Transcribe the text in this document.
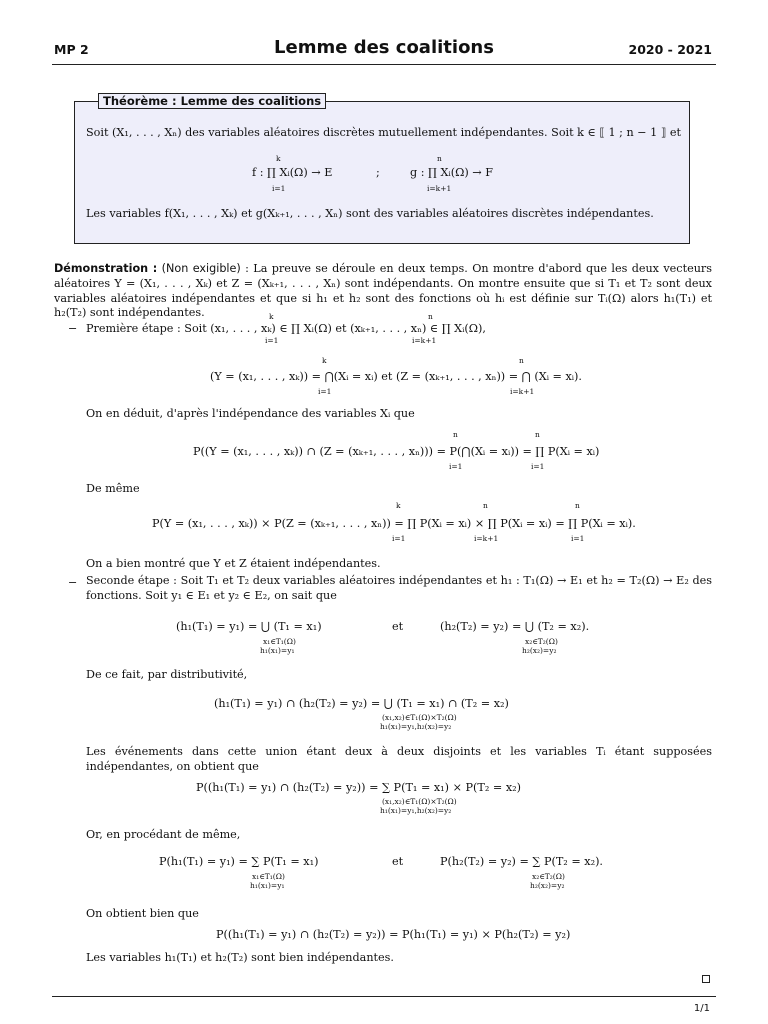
MP 2	Lemme des coalitions	2020 - 2021
Théorème : Lemme des coalitions
Soit (X₁, . . . , Xₙ) des variables aléatoires discrètes mutuellement indépendantes. Soit k ∈ ⟦ 1 ; n − 1 ⟧ et
k
f : ∏ Xᵢ(Ω) → E
i=1
;
n
g : ∏ Xᵢ(Ω) → F
i=k+1
Les variables f(X₁, . . . , Xₖ) et g(Xₖ₊₁, . . . , Xₙ) sont des variables aléatoires discrètes indépendantes.
Démonstration : (Non exigible) : La preuve se déroule en deux temps. On montre d'abord que les deux vecteurs aléatoires Y = (X₁, . . . , Xₖ) et Z = (Xₖ₊₁, . . . , Xₙ) sont indépendants. On montre ensuite que si T₁ et T₂ sont deux variables aléatoires indépendantes et que si h₁ et h₂ sont des fonctions où hᵢ est définie sur Tᵢ(Ω) alors h₁(T₁) et h₂(T₂) sont indépendantes.
−
k	n
Première étape : Soit (x₁, . . . , xₖ) ∈ ∏ Xᵢ(Ω) et (xₖ₊₁, . . . , xₙ) ∈ ∏ Xᵢ(Ω),
i=1	i=k+1
k	n
(Y = (x₁, . . . , xₖ)) = ⋂(Xᵢ = xᵢ) et (Z = (xₖ₊₁, . . . , xₙ)) = ⋂ (Xᵢ = xᵢ).
i=1	i=k+1
On en déduit, d'après l'indépendance des variables Xᵢ que
n	n
P((Y = (x₁, . . . , xₖ)) ∩ (Z = (xₖ₊₁, . . . , xₙ))) = P(⋂(Xᵢ = xᵢ)) = ∏ P(Xᵢ = xᵢ)
i=1	i=1
De même
k	n	n
P(Y = (x₁, . . . , xₖ)) × P(Z = (xₖ₊₁, . . . , xₙ)) = ∏ P(Xᵢ = xᵢ) × ∏ P(Xᵢ = xᵢ) = ∏ P(Xᵢ = xᵢ).
i=1	i=k+1	i=1
On a bien montré que Y et Z étaient indépendantes.
− Seconde étape : Soit T₁ et T₂ deux variables aléatoires indépendantes et h₁ : T₁(Ω) → E₁ et h₂ = T₂(Ω) → E₂ des fonctions. Soit y₁ ∈ E₁ et y₂ ∈ E₂, on sait que
(h₁(T₁) = y₁) = ⋃ (T₁ = x₁)	et	(h₂(T₂) = y₂) = ⋃ (T₂ = x₂).
x₁∈T₁(Ω)
h₁(x₁)=y₁
x₂∈T₂(Ω)
h₂(x₂)=y₂
De ce fait, par distributivité,
(h₁(T₁) = y₁) ∩ (h₂(T₂) = y₂) = ⋃ (T₁ = x₁) ∩ (T₂ = x₂)
(x₁,x₂)∈T₁(Ω)×T₂(Ω)
h₁(x₁)=y₁,h₂(x₂)=y₂
Les événements dans cette union étant deux à deux disjoints et les variables Tᵢ étant supposées indépendantes, on obtient que
P((h₁(T₁) = y₁) ∩ (h₂(T₂) = y₂)) = ∑ P(T₁ = x₁) × P(T₂ = x₂)
(x₁,x₂)∈T₁(Ω)×T₂(Ω)
h₁(x₁)=y₁,h₂(x₂)=y₂
Or, en procédant de même,
P(h₁(T₁) = y₁) = ∑ P(T₁ = x₁)	et	P(h₂(T₂) = y₂) = ∑ P(T₂ = x₂).
x₁∈T₁(Ω)
h₁(x₁)=y₁
x₂∈T₂(Ω)
h₂(x₂)=y₂
On obtient bien que
P((h₁(T₁) = y₁) ∩ (h₂(T₂) = y₂)) = P(h₁(T₁) = y₁) × P(h₂(T₂) = y₂)
Les variables h₁(T₁) et h₂(T₂) sont bien indépendantes.
1/1
